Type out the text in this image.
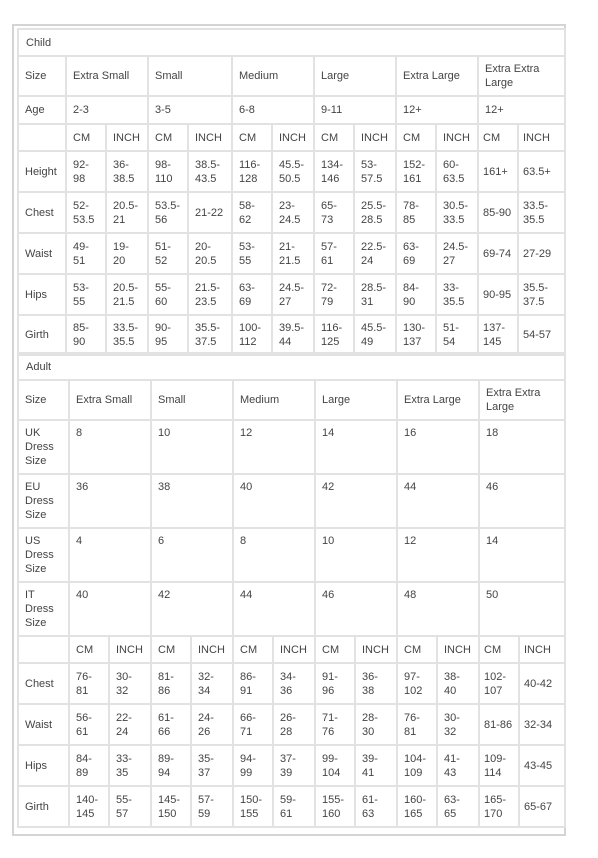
Child												
Size	Extra Small		Small		Medium		Large		Extra Large		Extra Extra Large	
Age	2-3		3-5		6-8		9-11		12+		12+	
	CM	INCH	CM	INCH	CM	INCH	CM	INCH	CM	INCH	CM	INCH
Height	92-98	36-38.5	98-110	38.5-43.5	116-128	45.5-50.5	134-146	53-57.5	152-161	60-63.5	161+	63.5+
Chest	52-53.5	20.5-21	53.5-56	21-22	58-62	23-24.5	65-73	25.5-28.5	78-85	30.5-33.5	85-90	33.5-35.5
Waist	49-51	19-20	51-52	20-20.5	53-55	21-21.5	57-61	22.5-24	63-69	24.5-27	69-74	27-29
Hips	53-55	20.5-21.5	55-60	21.5-23.5	63-69	24.5-27	72-79	28.5-31	84-90	33-35.5	90-95	35.5-37.5
Girth	85-90	33.5-35.5	90-95	35.5-37.5	100-112	39.5-44	116-125	45.5-49	130-137	51-54	137-145	54-57
Adult												
Size	Extra Small		Small		Medium		Large		Extra Large		Extra Extra Large	
UK Dress Size	8		10		12		14		16		18	
EU Dress Size	36		38		40		42		44		46	
US Dress Size	4		6		8		10		12		14	
IT Dress Size	40		42		44		46		48		50	
	CM	INCH	CM	INCH	CM	INCH	CM	INCH	CM	INCH	CM	INCH
Chest	76-81	30-32	81-86	32-34	86-91	34-36	91-96	36-38	97-102	38-40	102-107	40-42
Waist	56-61	22-24	61-66	24-26	66-71	26-28	71-76	28-30	76-81	30-32	81-86	32-34
Hips	84-89	33-35	89-94	35-37	94-99	37-39	99-104	39-41	104-109	41-43	109-114	43-45
Girth	140-145	55-57	145-150	57-59	150-155	59-61	155-160	61-63	160-165	63-65	165-170	65-67
